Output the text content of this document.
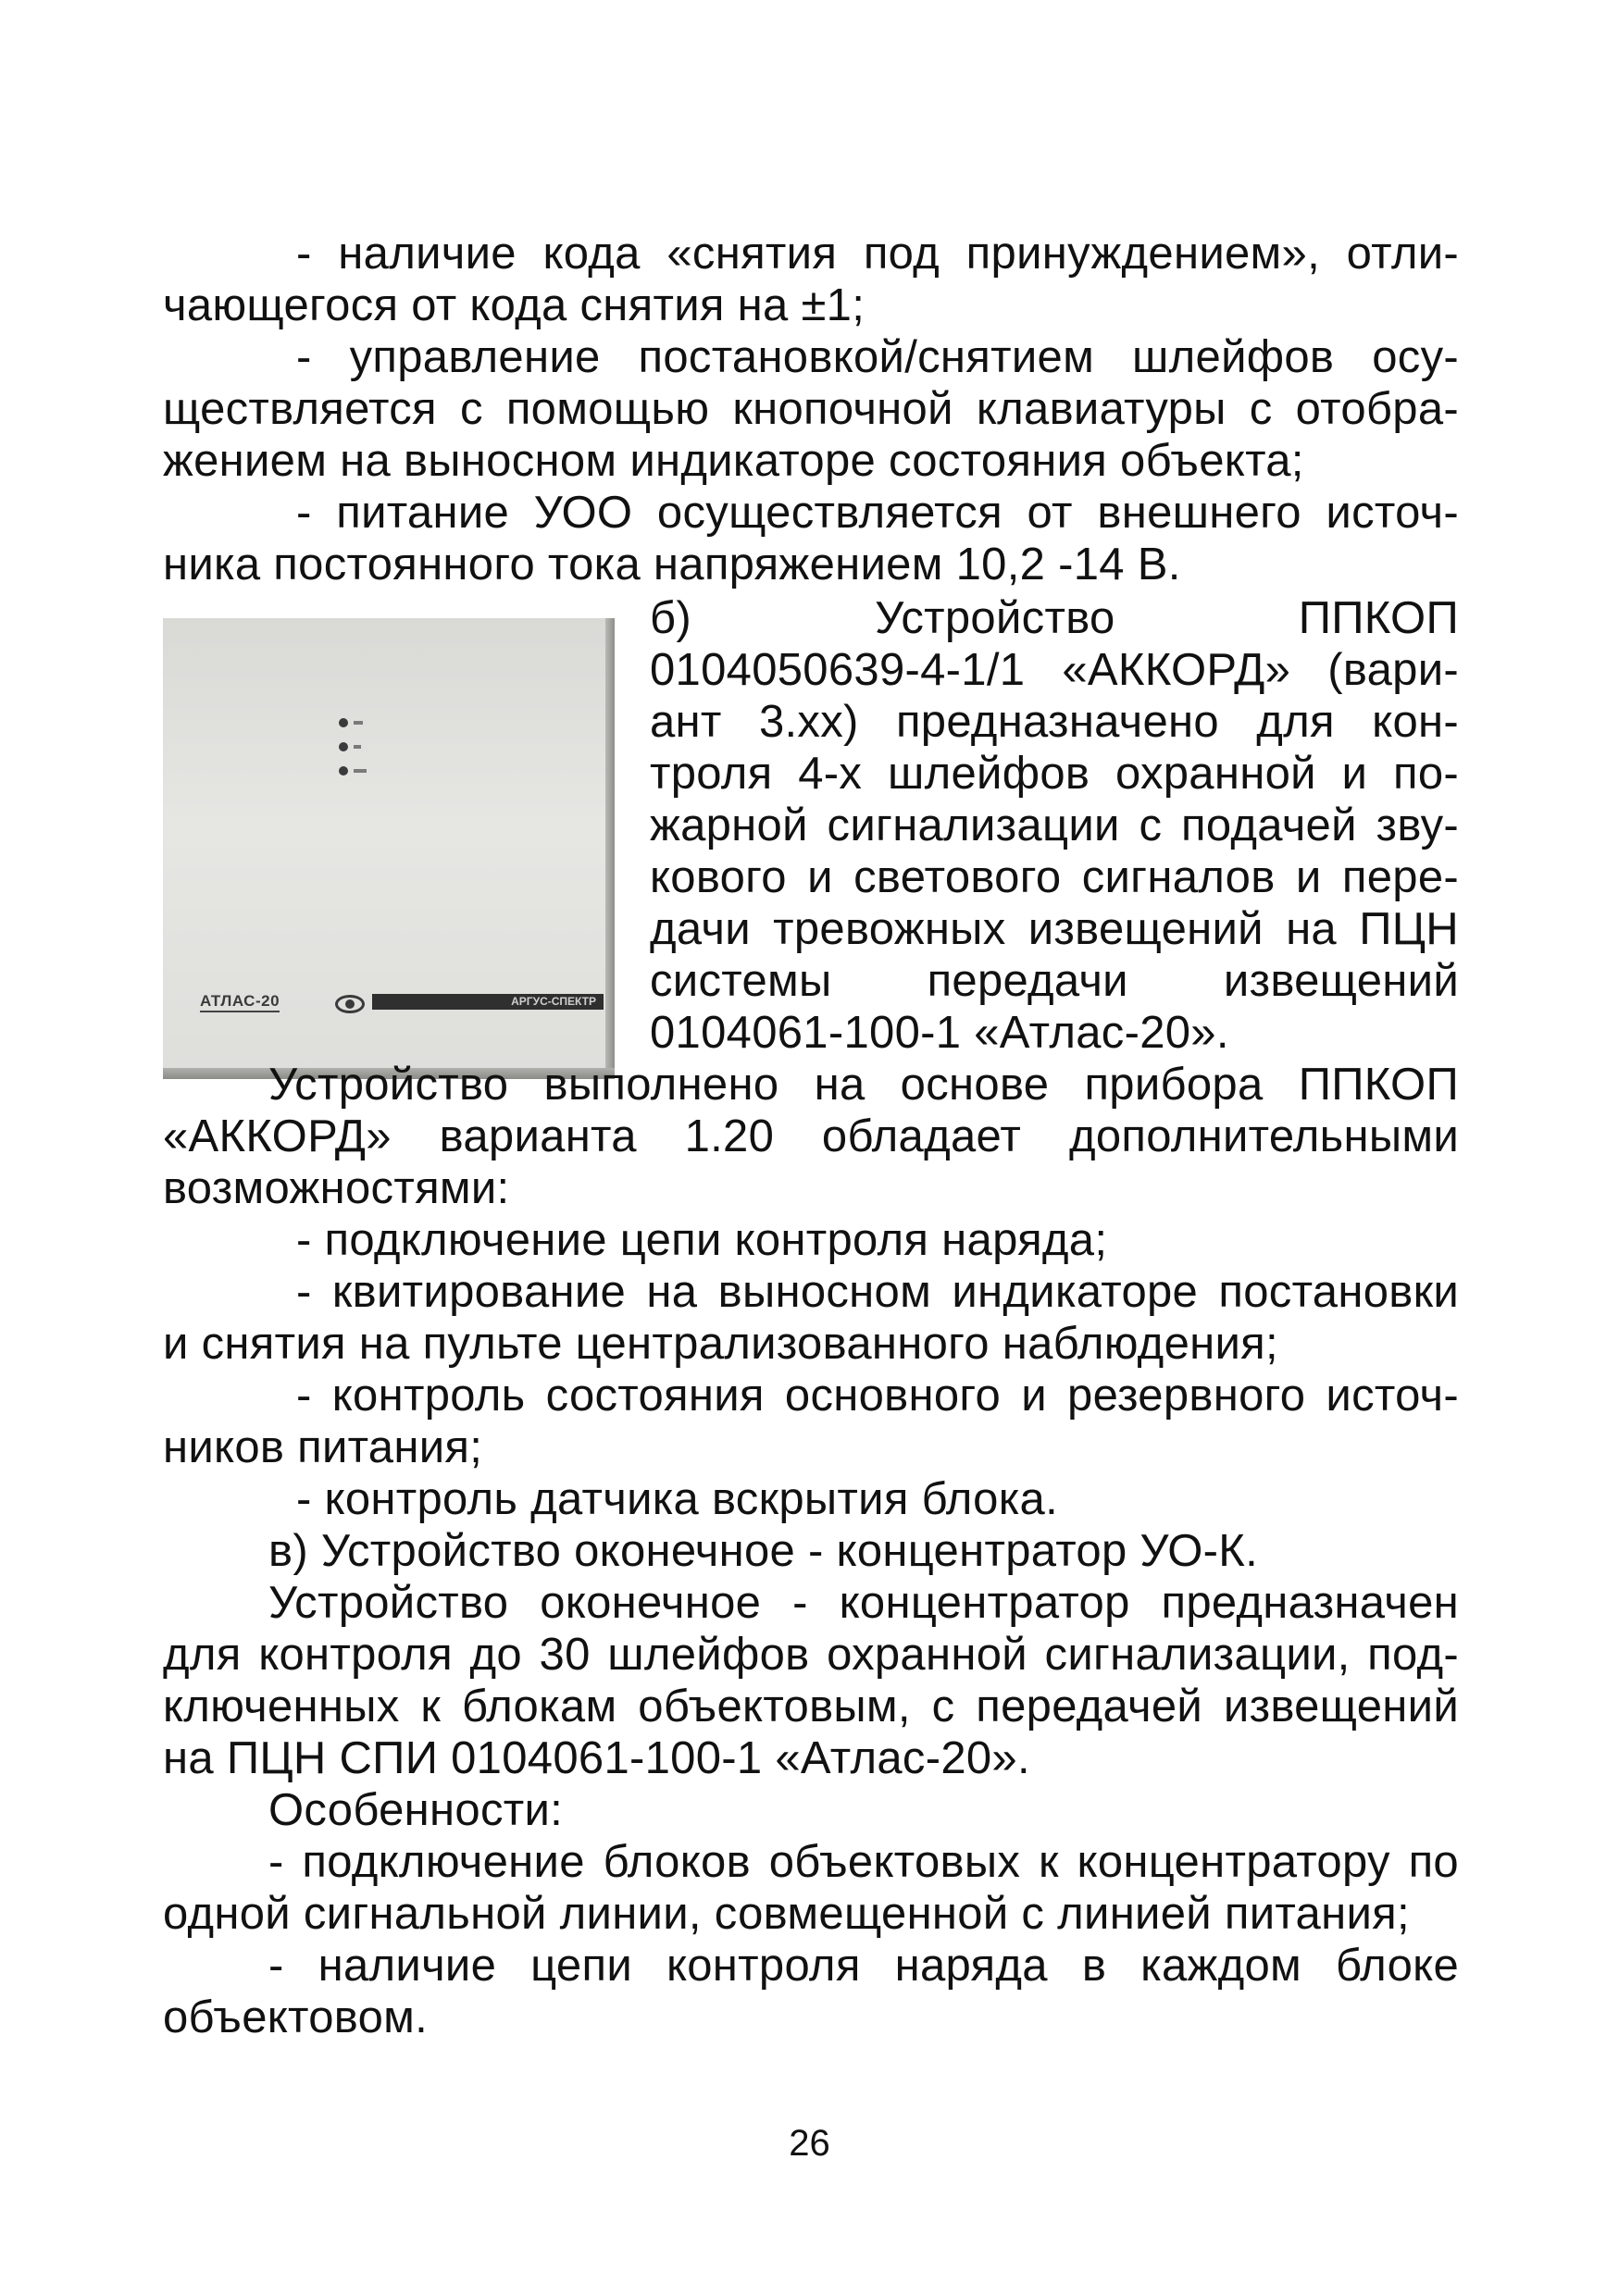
- наличие кода «снятия под принуждением», отли-
чающегося от кода снятия на ±1;
- управление постановкой/снятием шлейфов осу-
ществляется с помощью кнопочной клавиатуры с отобра-
жением на выносном индикаторе состояния объекта;
- питание УОО осуществляется от внешнего источ-
ника постоянного тока напряжением 10,2 -14 В.
АТЛАС-20	АРГУС-СПЕКТР
б) Устройство ППКОП
0104050639-4-1/1 «АККОРД» (вари-
ант 3.хх) предназначено для кон-
троля 4-х шлейфов охранной и по-
жарной сигнализации с подачей зву-
кового и светового сигналов и пере-
дачи тревожных извещений на ПЦН
системы передачи извещений
0104061-100-1 «Атлас-20».
Устройство выполнено на основе прибора ППКОП
«АККОРД» варианта 1.20 обладает дополнительными
возможностями:
- подключение цепи контроля наряда;
- квитирование на выносном индикаторе постановки
и снятия на пульте централизованного наблюдения;
- контроль состояния основного и резервного источ-
ников питания;
- контроль датчика вскрытия блока.
в) Устройство оконечное - концентратор УО-К.
Устройство оконечное - концентратор предназначен
для контроля до 30 шлейфов охранной сигнализации, под-
ключенных к блокам объектовым, с передачей извещений
на ПЦН СПИ 0104061-100-1 «Атлас-20».
Особенности:
- подключение блоков объектовых к концентратору по
одной сигнальной линии, совмещенной с линией питания;
- наличие цепи контроля наряда в каждом блоке
объектовом.
26
